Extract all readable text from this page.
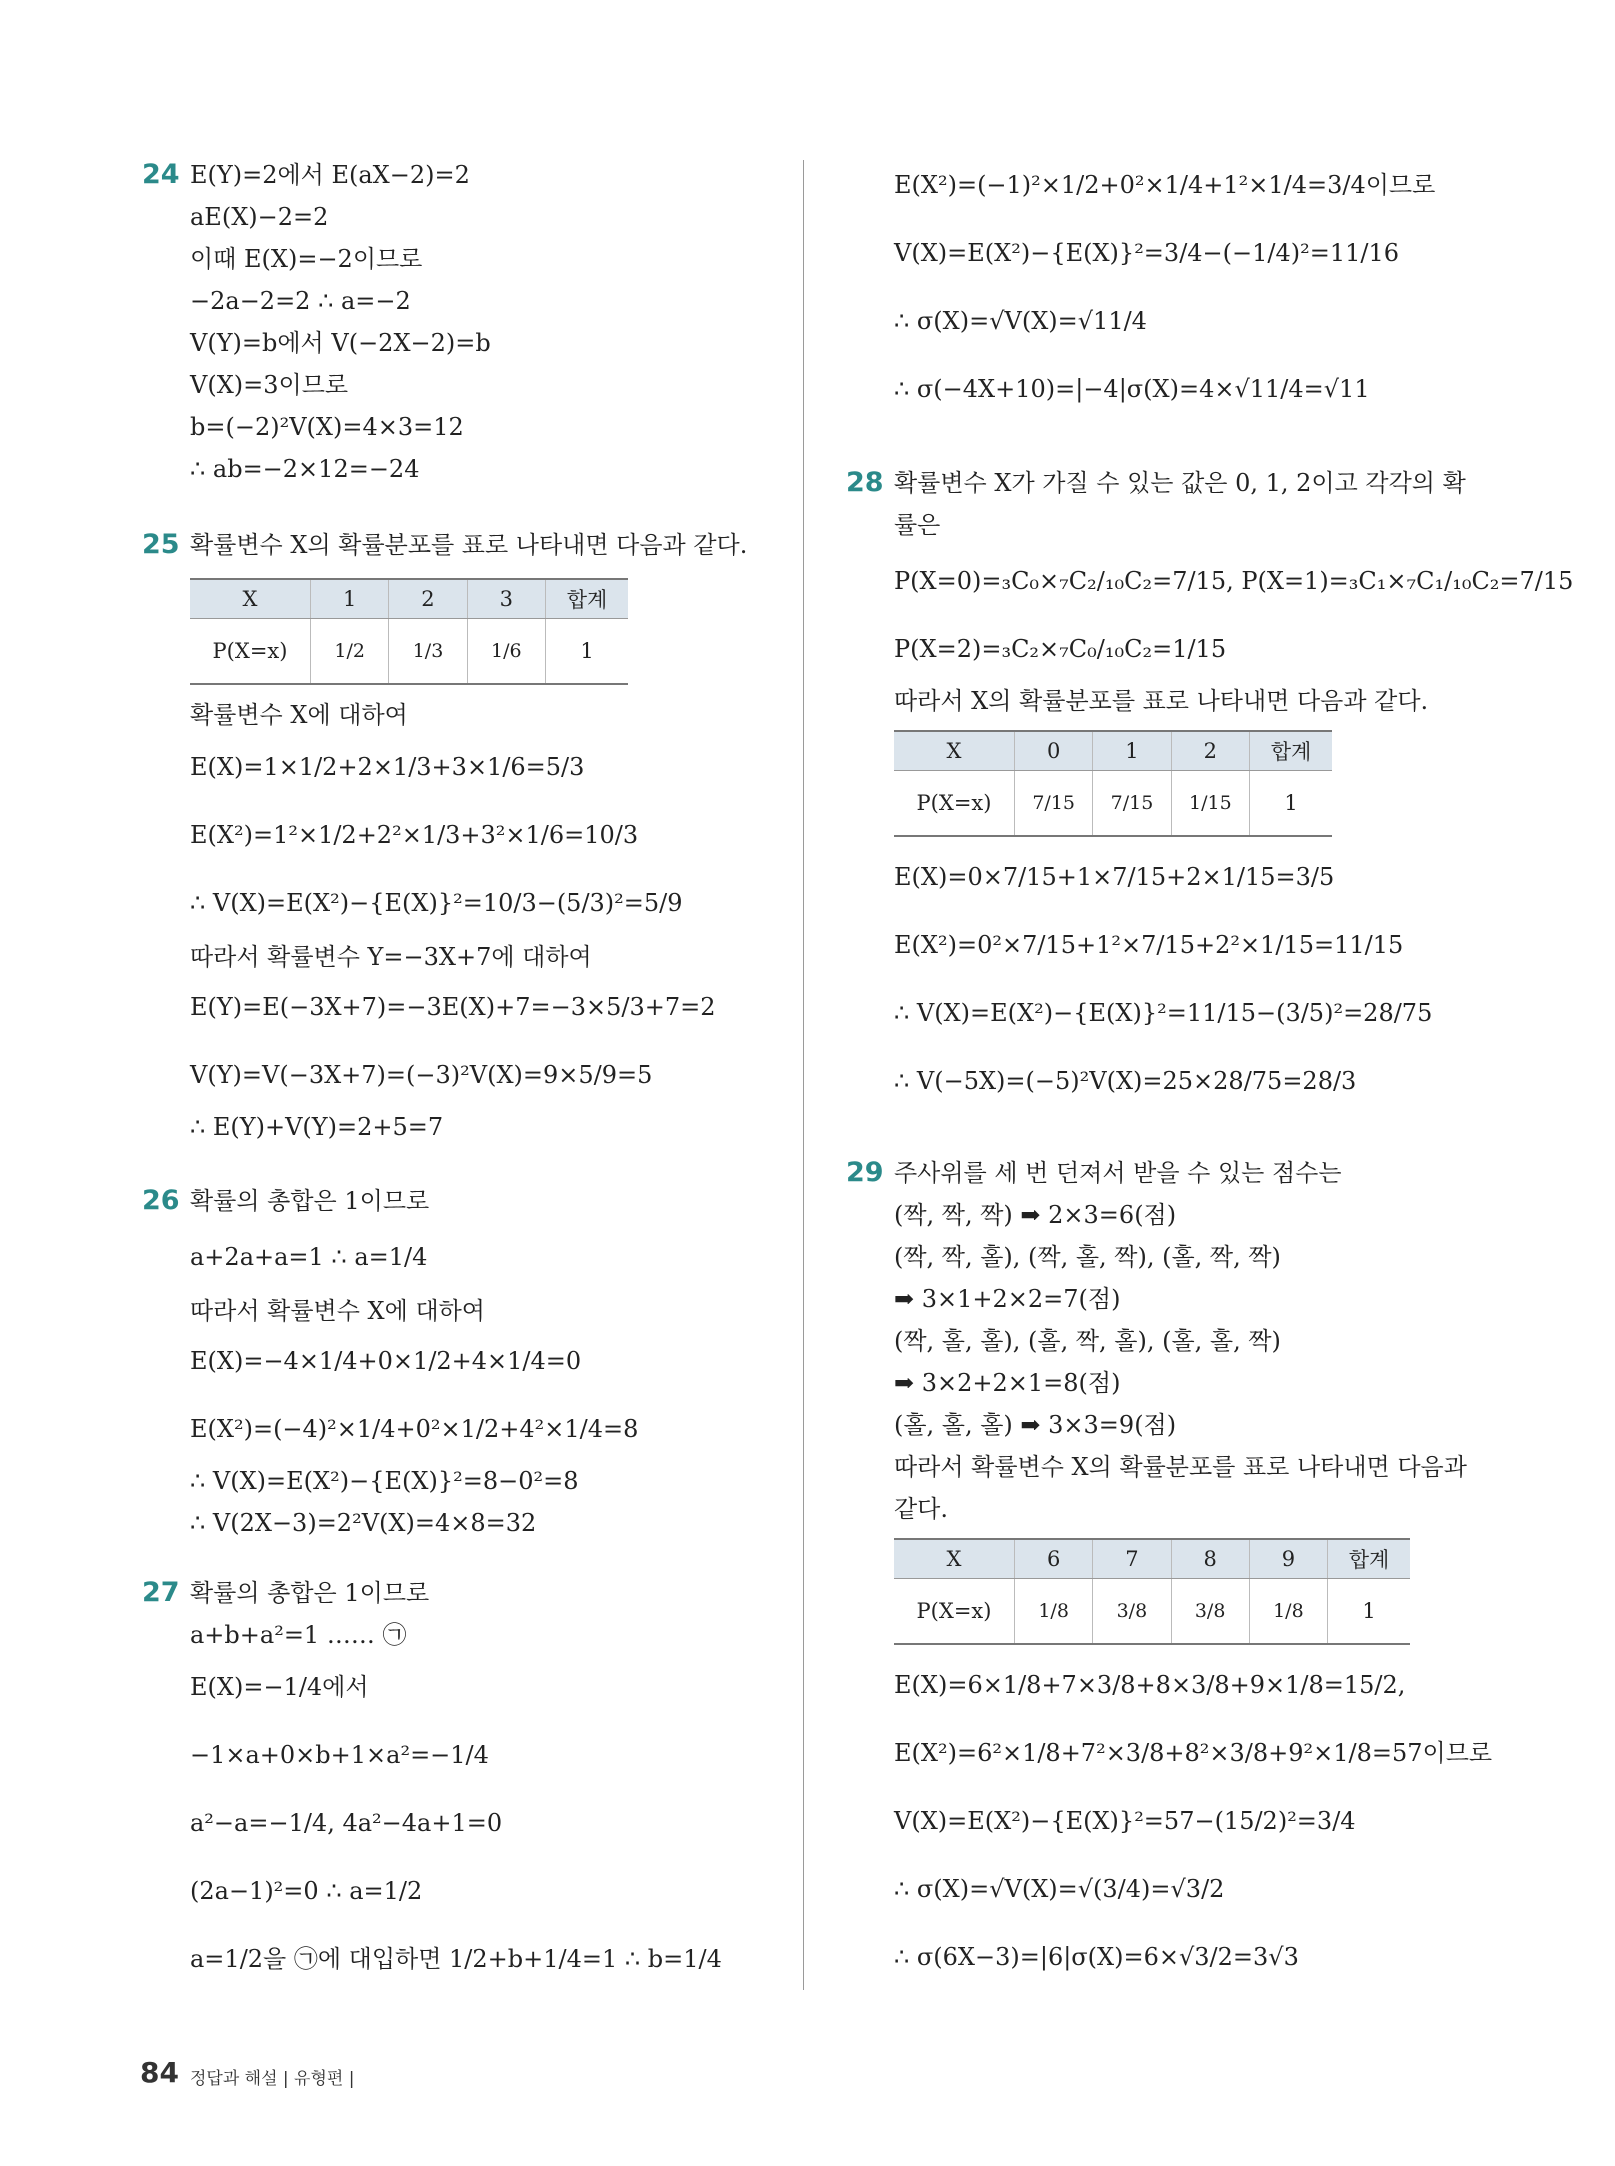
24 E(Y)=2에서 E(aX−2)=2
aE(X)−2=2
이때 E(X)=−2이므로
−2a−2=2 ∴ a=−2
V(Y)=b에서 V(−2X−2)=b
V(X)=3이므로
b=(−2)²V(X)=4×3=12
∴ ab=−2×12=−24
25 확률변수 X의 확률분포를 표로 나타내면 다음과 같다.
X	1	2	3	합계
P(X=x)	1/2	1/3	1/6	1
확률변수 X에 대하여
E(X)=1×1/2+2×1/3+3×1/6=5/3
E(X²)=1²×1/2+2²×1/3+3²×1/6=10/3
∴ V(X)=E(X²)−{E(X)}²=10/3−(5/3)²=5/9
따라서 확률변수 Y=−3X+7에 대하여
E(Y)=E(−3X+7)=−3E(X)+7=−3×5/3+7=2
V(Y)=V(−3X+7)=(−3)²V(X)=9×5/9=5
∴ E(Y)+V(Y)=2+5=7
26 확률의 총합은 1이므로
a+2a+a=1 ∴ a=1/4
따라서 확률변수 X에 대하여
E(X)=−4×1/4+0×1/2+4×1/4=0
E(X²)=(−4)²×1/4+0²×1/2+4²×1/4=8
∴ V(X)=E(X²)−{E(X)}²=8−0²=8
∴ V(2X−3)=2²V(X)=4×8=32
27 확률의 총합은 1이므로
a+b+a²=1 …… ㉠
E(X)=−1/4에서
−1×a+0×b+1×a²=−1/4
a²−a=−1/4, 4a²−4a+1=0
(2a−1)²=0 ∴ a=1/2
a=1/2을 ㉠에 대입하면 1/2+b+1/4=1 ∴ b=1/4
E(X²)=(−1)²×1/2+0²×1/4+1²×1/4=3/4이므로
V(X)=E(X²)−{E(X)}²=3/4−(−1/4)²=11/16
∴ σ(X)=√V(X)=√11/4
∴ σ(−4X+10)=|−4|σ(X)=4×√11/4=√11
28 확률변수 X가 가질 수 있는 값은 0, 1, 2이고 각각의 확
률은
P(X=0)=₃C₀×₇C₂/₁₀C₂=7/15, P(X=1)=₃C₁×₇C₁/₁₀C₂=7/15
P(X=2)=₃C₂×₇C₀/₁₀C₂=1/15
따라서 X의 확률분포를 표로 나타내면 다음과 같다.
X	0	1	2	합계
P(X=x)	7/15	7/15	1/15	1
E(X)=0×7/15+1×7/15+2×1/15=3/5
E(X²)=0²×7/15+1²×7/15+2²×1/15=11/15
∴ V(X)=E(X²)−{E(X)}²=11/15−(3/5)²=28/75
∴ V(−5X)=(−5)²V(X)=25×28/75=28/3
29 주사위를 세 번 던져서 받을 수 있는 점수는
(짝, 짝, 짝) ➡ 2×3=6(점)
(짝, 짝, 홀), (짝, 홀, 짝), (홀, 짝, 짝)
➡ 3×1+2×2=7(점)
(짝, 홀, 홀), (홀, 짝, 홀), (홀, 홀, 짝)
➡ 3×2+2×1=8(점)
(홀, 홀, 홀) ➡ 3×3=9(점)
따라서 확률변수 X의 확률분포를 표로 나타내면 다음과
같다.
X	6	7	8	9	합계
P(X=x)	1/8	3/8	3/8	1/8	1
E(X)=6×1/8+7×3/8+8×3/8+9×1/8=15/2,
E(X²)=6²×1/8+7²×3/8+8²×3/8+9²×1/8=57이므로
V(X)=E(X²)−{E(X)}²=57−(15/2)²=3/4
∴ σ(X)=√V(X)=√(3/4)=√3/2
∴ σ(6X−3)=|6|σ(X)=6×√3/2=3√3
84 정답과 해설 | 유형편 |
